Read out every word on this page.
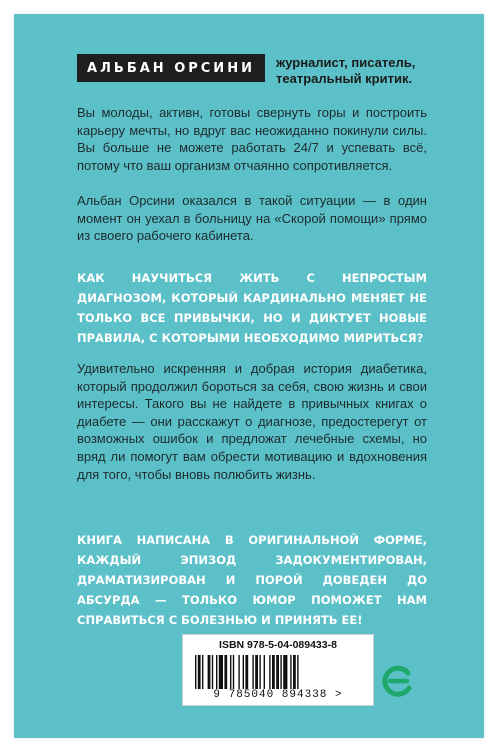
АЛЬБАН ОРСИНИ журналист, писатель,
театральный критик.

Вы молоды, активн, готовы свернуть горы и построить карьеру мечты, но вдруг вас неожиданно покинули силы. Вы больше не можете работать 24/7 и успевать всё, потому что ваш организм отчаянно сопротивляется.

Альбан Орсини оказался в такой ситуации — в один момент он уехал в больницу на «Скорой помощи» прямо из своего рабочего кабинета.

КАК НАУЧИТЬСЯ ЖИТЬ С НЕПРОСТЫМ ДИАГНОЗОМ, КОТОРЫЙ КАРДИНАЛЬНО МЕНЯЕТ НЕ ТОЛЬКО ВСЕ ПРИВЫЧКИ, НО И ДИКТУЕТ НОВЫЕ ПРАВИЛА, С КОТОРЫМИ НЕОБХОДИМО МИРИТЬСЯ?

Удивительно искренняя и добрая история диабетика, который продолжил бороться за себя, свою жизнь и свои интересы. Такого вы не найдете в привычных книгах о диабете — они расскажут о диагнозе, предостерегут от возможных ошибок и предложат лечебные схемы, но вряд ли помогут вам обрести мотивацию и вдохновения для того, чтобы вновь полюбить жизнь.

КНИГА НАПИСАНА В ОРИГИНАЛЬНОЙ ФОРМЕ, КАЖДЫЙ ЭПИЗОД ЗАДОКУМЕНТИРОВАН, ДРАМАТИЗИРОВАН И ПОРОЙ ДОВЕДЕН ДО АБСУРДА — ТОЛЬКО ЮМОР ПОМОЖЕТ НАМ СПРАВИТЬСЯ С БОЛЕЗНЬЮ И ПРИНЯТЬ ЕЕ!

ISBN 978-5-04-089433-8
9 785040 894338 >
